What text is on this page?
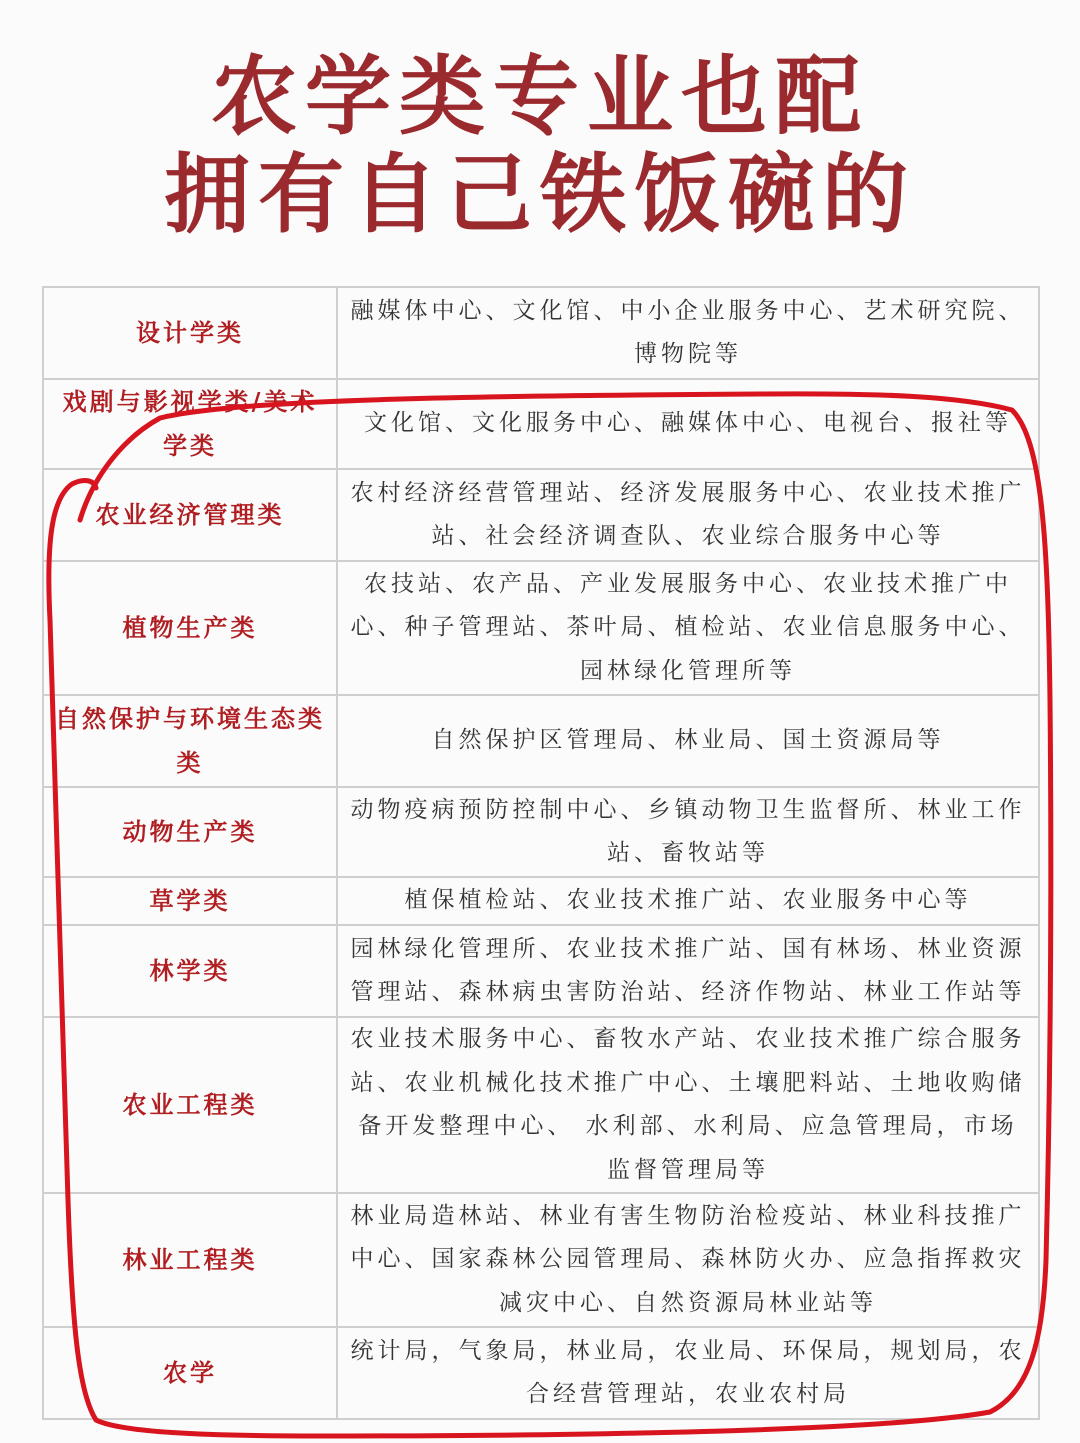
农学类专业也配
拥有自己铁饭碗的
设计学类	融媒体中心、文化馆、中小企业服务中心、艺术研究院、博物院等
戏剧与影视学类/美术学类	文化馆、文化服务中心、融媒体中心、电视台、报社等
农业经济管理类	农村经济经营管理站、经济发展服务中心、农业技术推广站、社会经济调查队、农业综合服务中心等
植物生产类	农技站、农产品、产业发展服务中心、农业技术推广中心、种子管理站、茶叶局、植检站、农业信息服务中心、园林绿化管理所等
自然保护与环境生态类类	自然保护区管理局、林业局、国土资源局等
动物生产类	动物疫病预防控制中心、乡镇动物卫生监督所、林业工作站、畜牧站等
草学类	植保植检站、农业技术推广站、农业服务中心等
林学类	园林绿化管理所、农业技术推广站、国有林场、林业资源管理站、森林病虫害防治站、经济作物站、林业工作站等
农业工程类	农业技术服务中心、畜牧水产站、农业技术推广综合服务站、农业机械化技术推广中心、土壤肥料站、土地收购储备开发整理中心、 水利部、水利局、应急管理局，市场监督管理局等
林业工程类	林业局造林站、林业有害生物防治检疫站、林业科技推广中心、国家森林公园管理局、森林防火办、应急指挥救灾减灾中心、自然资源局林业站等
农学	统计局，气象局，林业局，农业局、环保局，规划局，农合经营管理站，农业农村局
